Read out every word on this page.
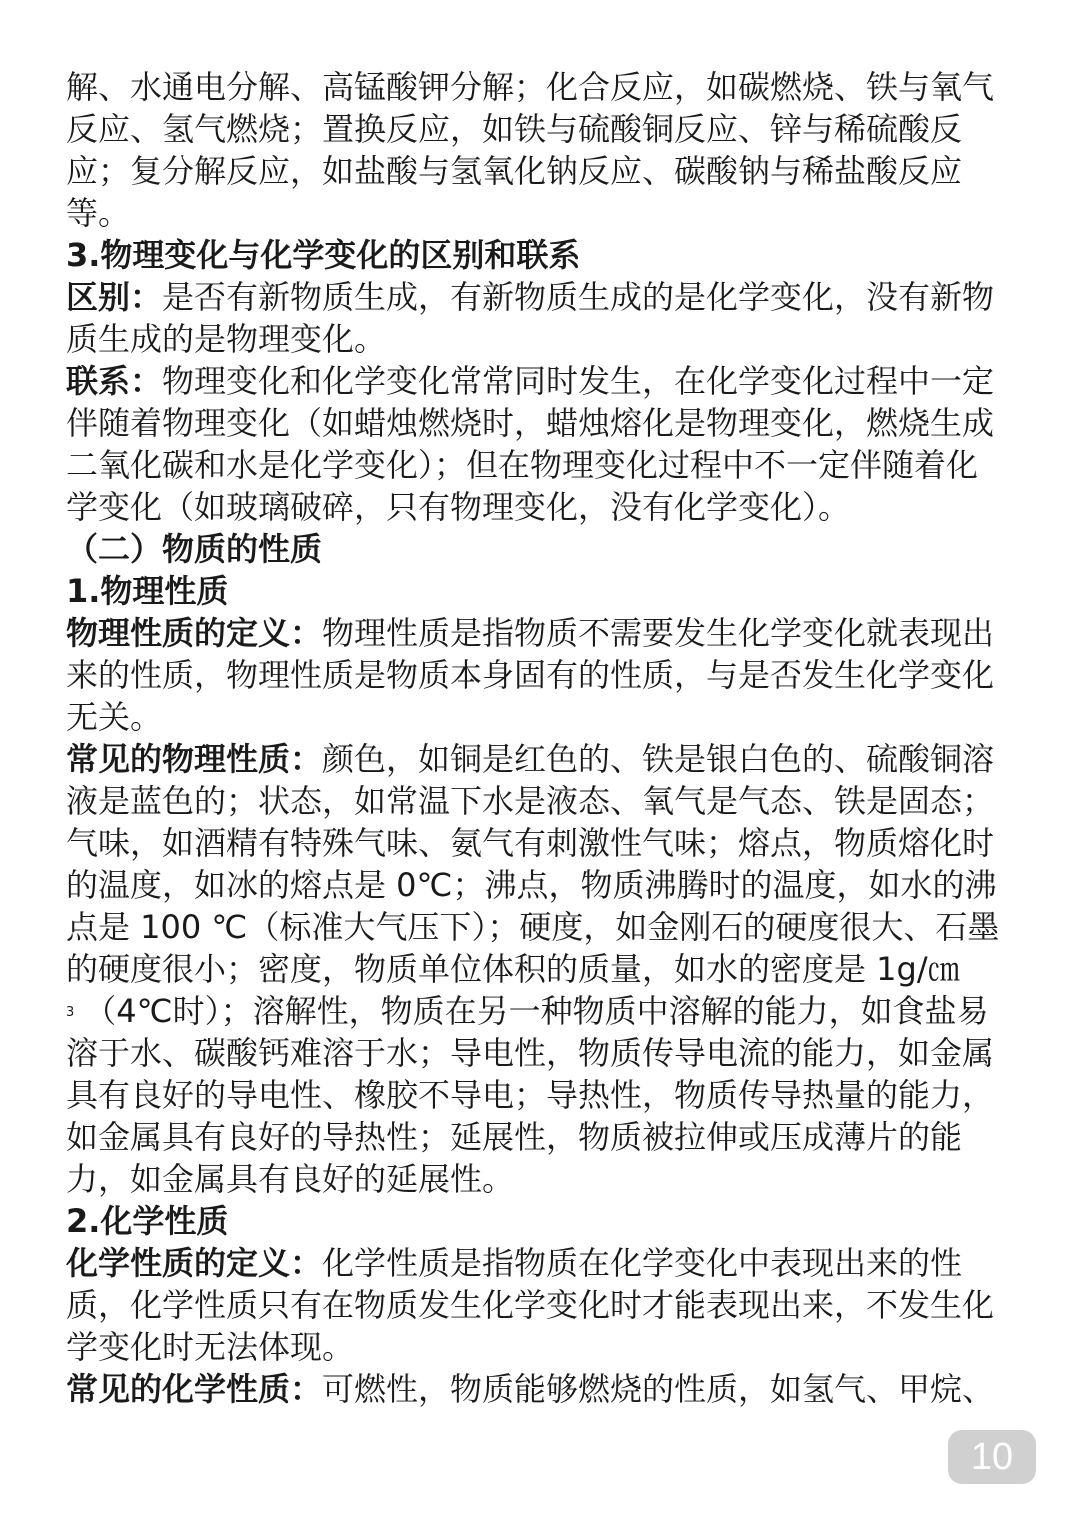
解、水通电分解、高锰酸钾分解；化合反应，如碳燃烧、铁与氧气
反应、氢气燃烧；置换反应，如铁与硫酸铜反应、锌与稀硫酸反
应；复分解反应，如盐酸与氢氧化钠反应、碳酸钠与稀盐酸反应
等。
3.物理变化与化学变化的区别和联系
区别：是否有新物质生成，有新物质生成的是化学变化，没有新物
质生成的是物理变化。
联系：物理变化和化学变化常常同时发生，在化学变化过程中一定
伴随着物理变化（如蜡烛燃烧时，蜡烛熔化是物理变化，燃烧生成
二氧化碳和水是化学变化）；但在物理变化过程中不一定伴随着化
学变化（如玻璃破碎，只有物理变化，没有化学变化）。
（二）物质的性质
1.物理性质
物理性质的定义：物理性质是指物质不需要发生化学变化就表现出
来的性质，物理性质是物质本身固有的性质，与是否发生化学变化
无关。
常见的物理性质：颜色，如铜是红色的、铁是银白色的、硫酸铜溶
液是蓝色的；状态，如常温下水是液态、氧气是气态、铁是固态；
气味，如酒精有特殊气味、氨气有刺激性气味；熔点，物质熔化时
的温度，如冰的熔点是 0℃；沸点，物质沸腾时的温度，如水的沸
点是 100 ℃（标准大气压下）；硬度，如金刚石的硬度很大、石墨
的硬度很小；密度，物质单位体积的质量，如水的密度是 1g/㎝
3 （4℃时）；溶解性，物质在另一种物质中溶解的能力，如食盐易
溶于水、碳酸钙难溶于水；导电性，物质传导电流的能力，如金属
具有良好的导电性、橡胶不导电；导热性，物质传导热量的能力，
如金属具有良好的导热性；延展性，物质被拉伸或压成薄片的能
力，如金属具有良好的延展性。
2.化学性质
化学性质的定义：化学性质是指物质在化学变化中表现出来的性
质，化学性质只有在物质发生化学变化时才能表现出来，不发生化
学变化时无法体现。
常见的化学性质：可燃性，物质能够燃烧的性质，如氢气、甲烷、
10
